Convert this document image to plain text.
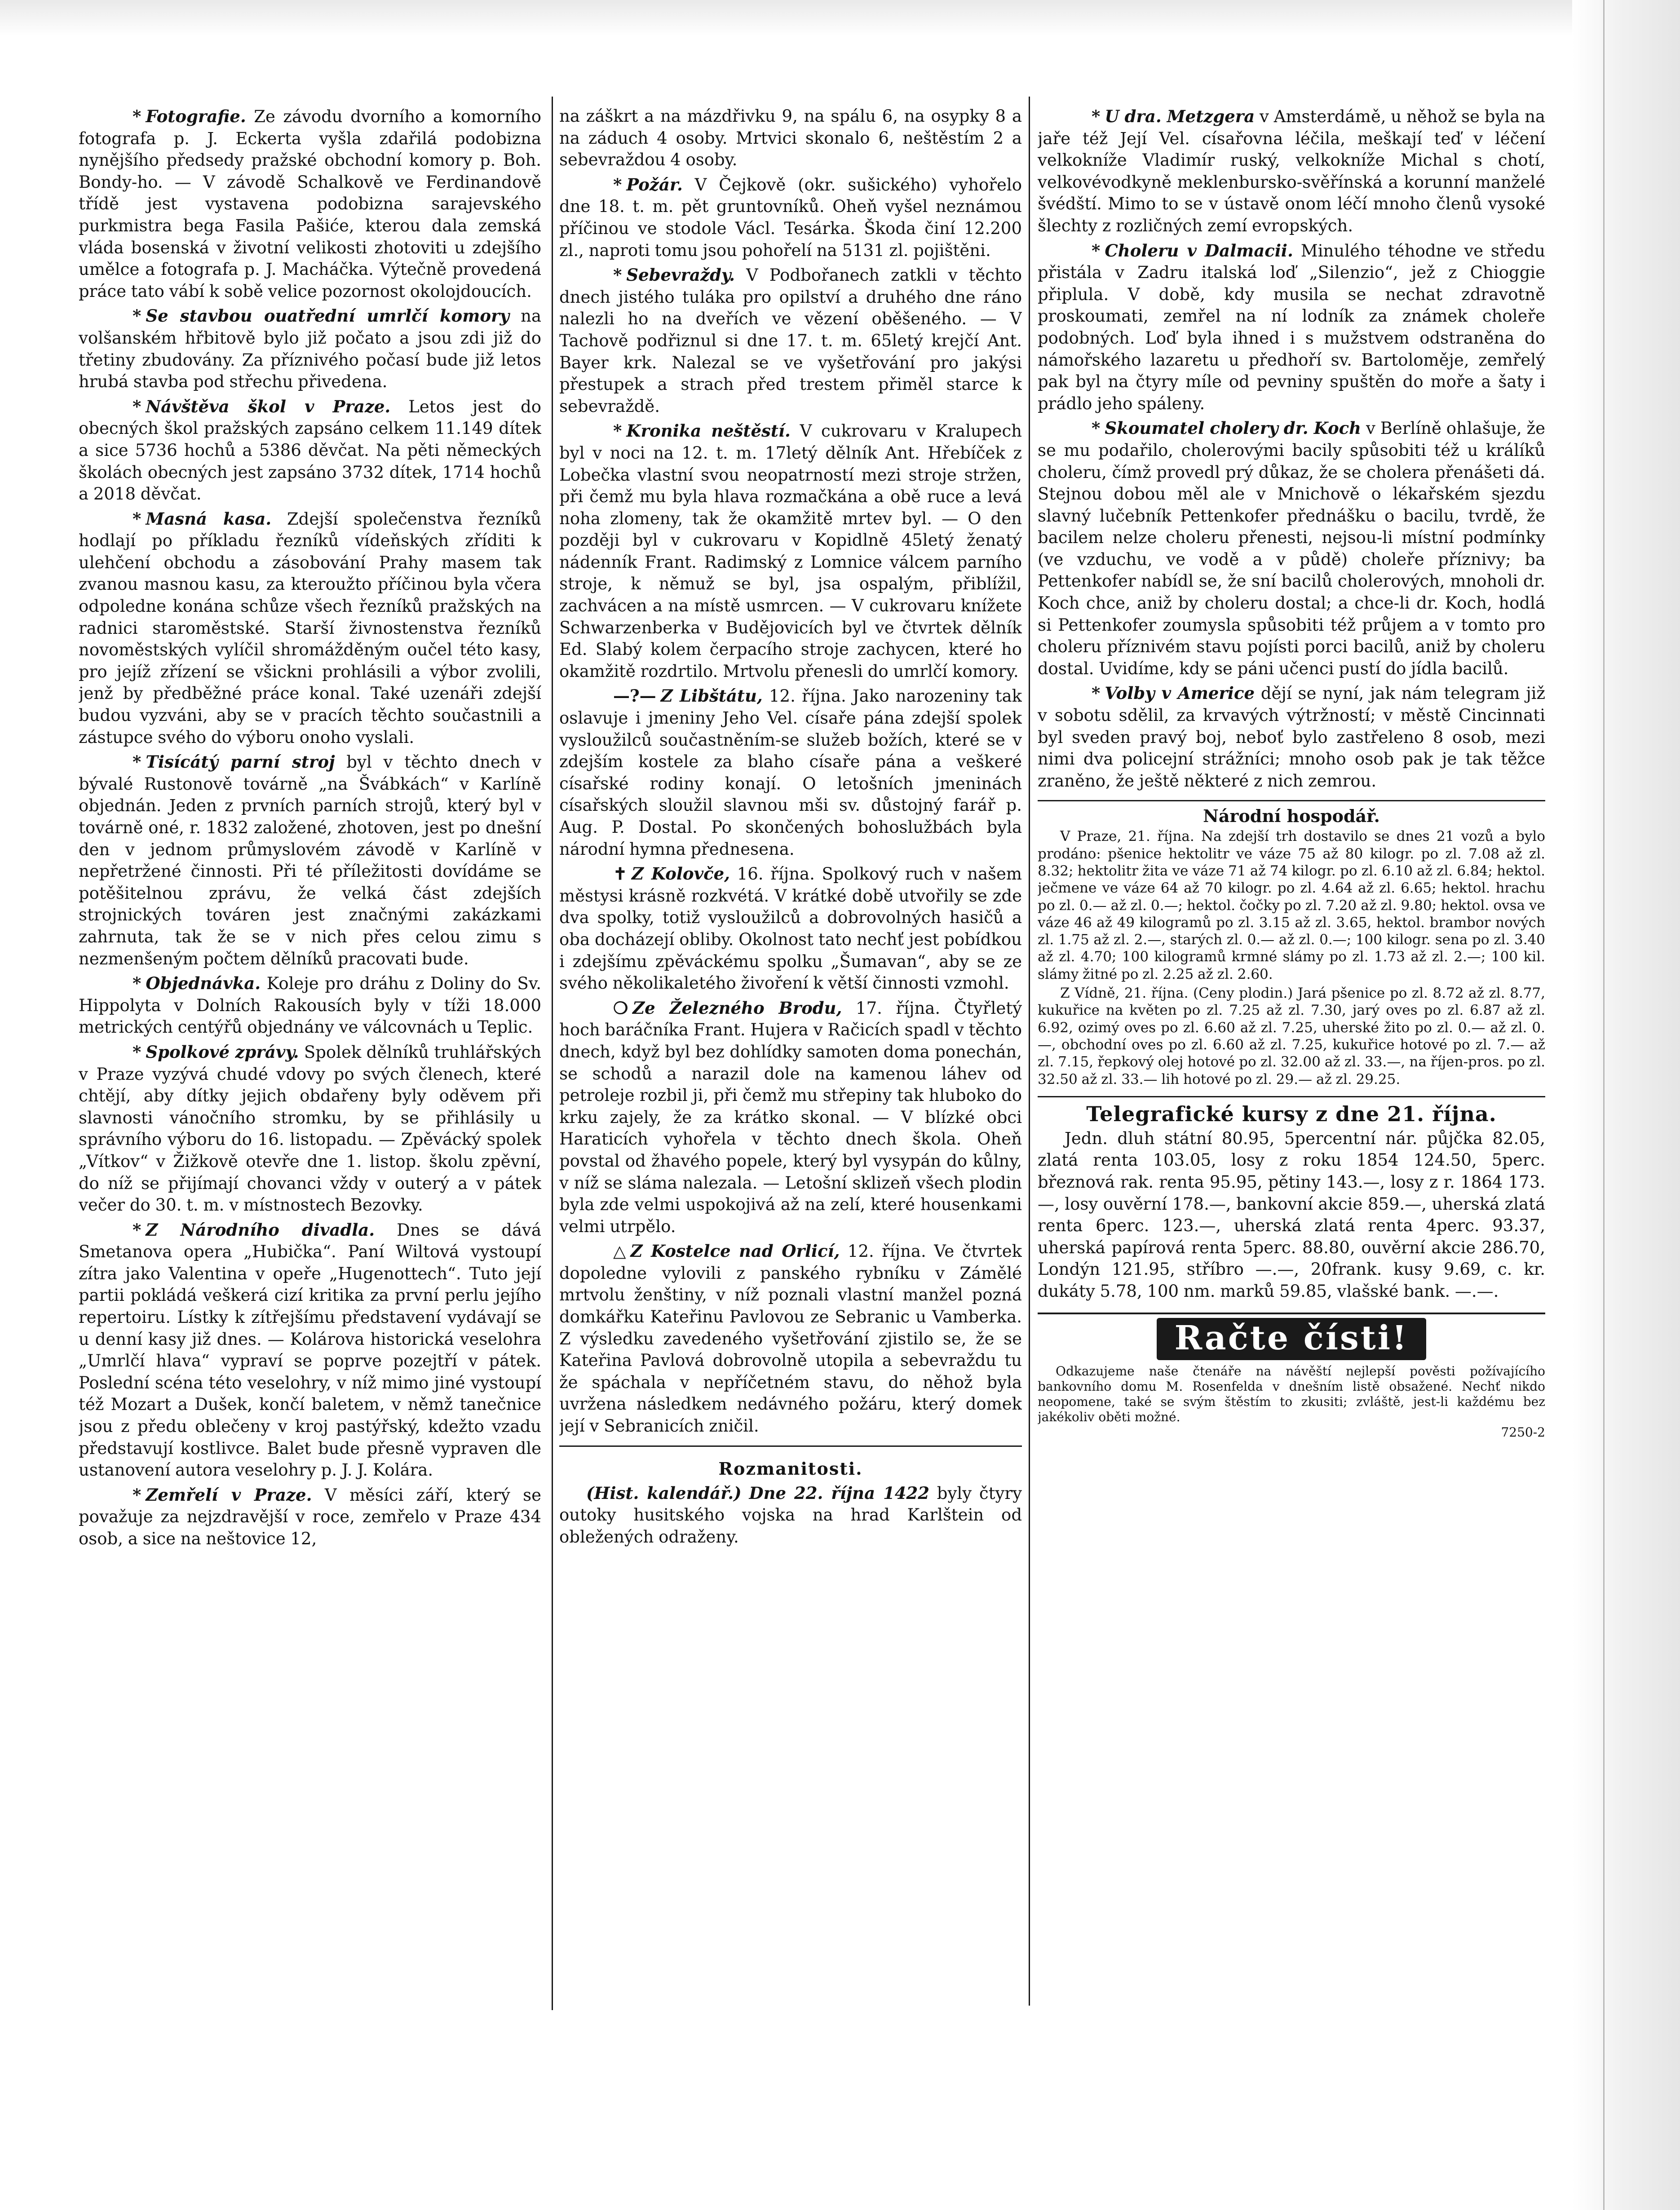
* Fotografie. Ze závodu dvorního a komorního fotografa p. J. Eckerta vyšla zdařilá podobizna nynějšího předsedy pražské obchodní komory p. Boh. Bondy-ho. — V závodě Schalkově ve Ferdinandově třídě jest vystavena podobizna sarajevského purkmistra bega Fasila Pašiće, kterou dala zemská vláda bosenská v životní velikosti zhotoviti u zdejšího umělce a fotografa p. J. Macháčka. Výtečně provedená práce tato vábí k sobě velice pozornost okolojdoucích.

* Se stavbou ouatřední umrlčí komory na volšanském hřbitově bylo již počato a jsou zdi již do třetiny zbudovány. Za příznivého počasí bude již letos hrubá stavba pod střechu přivedena.

* Návštěva škol v Praze. Letos jest do obecných škol pražských zapsáno celkem 11.149 dítek a sice 5736 hochů a 5386 děvčat. Na pěti německých školách obecných jest zapsáno 3732 dítek, 1714 hochů a 2018 děvčat.

* Masná kasa. Zdejší společenstva řezníků hodlají po příkladu řezníků vídeňských zříditi k ulehčení obchodu a zásobování Prahy masem tak zvanou masnou kasu, za kteroužto příčinou byla včera odpoledne konána schůze všech řezníků pražských na radnici staroměstské. Starší živnostenstva řezníků novoměstských vylíčil shromážděným oučel této kasy, pro jejíž zřízení se všickni prohlásili a výbor zvolili, jenž by předběžné práce konal. Také uzenáři zdejší budou vyzváni, aby se v pracích těchto součastnili a zástupce svého do výboru onoho vyslali.

* Tisícátý parní stroj byl v těchto dnech v bývalé Rustonově továrně „na Švábkách“ v Karlíně objednán. Jeden z prvních parních strojů, který byl v továrně oné, r. 1832 založené, zhotoven, jest po dnešní den v jednom průmyslovém závodě v Karlíně v nepřetržené činnosti. Při té příležitosti dovídáme se potěšitelnou zprávu, že velká část zdejších strojnických továren jest značnými zakázkami zahrnuta, tak že se v nich přes celou zimu s nezmenšeným počtem dělníků pracovati bude.

* Objednávka. Koleje pro dráhu z Doliny do Sv. Hippolyta v Dolních Rakousích byly v tíži 18.000 metrických centýřů objednány ve válcovnách u Teplic.

* Spolkové zprávy. Spolek dělníků truhlářských v Praze vyzývá chudé vdovy po svých členech, které chtějí, aby dítky jejich obdařeny byly oděvem při slavnosti vánočního stromku, by se přihlásily u správního výboru do 16. listopadu. — Zpěvácký spolek „Vítkov“ v Žižkově otevře dne 1. listop. školu zpěvní, do níž se přijímají chovanci vždy v outerý a v pátek večer do 30. t. m. v místnostech Bezovky.

* Z Národního divadla. Dnes se dává Smetanova opera „Hubička“. Paní Wiltová vystoupí zítra jako Valentina v opeře „Hugenottech“. Tuto její partii pokládá veškerá cizí kritika za první perlu jejího repertoiru. Lístky k zítřejšímu představení vydávají se u denní kasy již dnes. — Kolárova historická veselohra „Umrlčí hlava“ vypraví se poprve pozejtří v pátek. Poslední scéna této veselohry, v níž mimo jiné vystoupí též Mozart a Dušek, končí baletem, v němž tanečnice jsou z předu oblečeny v kroj pastýřský, kdežto vzadu představují kostlivce. Balet bude přesně vypraven dle ustanovení autora veselohry p. J. J. Kolára.

* Zemřelí v Praze. V měsíci září, který se považuje za nejzdravější v roce, zemřelo v Praze 434 osob, a sice na neštovice 12,

na záškrt a na mázdřivku 9, na spálu 6, na osypky 8 a na záduch 4 osoby. Mrtvici skonalo 6, neštěstím 2 a sebevraždou 4 osoby.

* Požár. V Čejkově (okr. sušického) vyhořelo dne 18. t. m. pět gruntovníků. Oheň vyšel neznámou příčinou ve stodole Václ. Tesárka. Škoda činí 12.200 zl., naproti tomu jsou pohořelí na 5131 zl. pojištěni.

* Sebevraždy. V Podbořanech zatkli v těchto dnech jistého tuláka pro opilství a druhého dne ráno nalezli ho na dveřích ve vězení oběšeného. — V Tachově podřiznul si dne 17. t. m. 65letý krejčí Ant. Bayer krk. Nalezal se ve vyšetřování pro jakýsi přestupek a strach před trestem přiměl starce k sebevraždě.

* Kronika neštěstí. V cukrovaru v Kralupech byl v noci na 12. t. m. 17letý dělník Ant. Hřebíček z Lobečka vlastní svou neopatrností mezi stroje stržen, při čemž mu byla hlava rozmačkána a obě ruce a levá noha zlomeny, tak že okamžitě mrtev byl. — O den později byl v cukrovaru v Kopidlně 45letý ženatý nádenník Frant. Radimský z Lomnice válcem parního stroje, k němuž se byl, jsa ospalým, přiblížil, zachvácen a na místě usmrcen. — V cukrovaru knížete Schwarzenberka v Budějovicích byl ve čtvrtek dělník Ed. Slabý kolem čerpacího stroje zachycen, které ho okamžitě rozdrtilo. Mrtvolu přenesli do umrlčí komory.

—?— Z Libštátu, 12. října. Jako narozeniny tak oslavuje i jmeniny Jeho Vel. císaře pána zdejší spolek vysloužilců součastněním-se služeb božích, které se v zdejším kostele za blaho císaře pána a veškeré císařské rodiny konají. O letošních jmeninách císařských sloužil slavnou mši sv. důstojný farář p. Aug. P. Dostal. Po skončených bohoslužbách byla národní hymna přednesena.

✝ Z Kolovče, 16. října. Spolkový ruch v našem městysi krásně rozkvétá. V krátké době utvořily se zde dva spolky, totiž vysloužilců a dobrovolných hasičů a oba docházejí obliby. Okolnost tato nechť jest pobídkou i zdejšímu zpěváckému spolku „Šumavan“, aby se ze svého několikaletého živoření k větší činnosti vzmohl.

❍ Ze Železného Brodu, 17. října. Čtyřletý hoch baráčníka Frant. Hujera v Račicích spadl v těchto dnech, když byl bez dohlídky samoten doma ponechán, se schodů a narazil dole na kamenou láhev od petroleje rozbil ji, při čemž mu střepiny tak hluboko do krku zajely, že za krátko skonal. — V blízké obci Haraticích vyhořela v těchto dnech škola. Oheň povstal od žhavého popele, který byl vysypán do kůlny, v níž se sláma nalezala. — Letošní sklizeň všech plodin byla zde velmi uspokojivá až na zelí, které housenkami velmi utrpělo.

△ Z Kostelce nad Orlicí, 12. října. Ve čtvrtek dopoledne vylovili z panského rybníku v Zámělé mrtvolu ženštiny, v níž poznali vlastní manžel pozná domkářku Kateřinu Pavlovou ze Sebranic u Vamberka. Z výsledku zavedeného vyšetřování zjistilo se, že se Kateřina Pavlová dobrovolně utopila a sebevraždu tu že spáchala v nepříčetném stavu, do něhož byla uvržena následkem nedávného požáru, který domek její v Sebranicích zničil.

Rozmanitosti.

(Hist. kalendář.) Dne 22. října 1422 byly čtyry outoky husitského vojska na hrad Karlštein od obležených odraženy.

* U dra. Metzgera v Amsterdámě, u něhož se byla na jaře též Její Vel. císařovna léčila, meškají teď v léčení velkokníže Vladimír ruský, velkokníže Michal s chotí, velkovévodkyně meklenbursko-svěřínská a korunní manželé švédští. Mimo to se v ústavě onom léčí mnoho členů vysoké šlechty z rozličných zemí evropských.

* Choleru v Dalmacii. Minulého téhodne ve středu přistála v Zadru italská loď „Silenzio“, jež z Chioggie připlula. V době, kdy musila se nechat zdravotně proskoumati, zemřel na ní lodník za známek choleře podobných. Loď byla ihned i s mužstvem odstraněna do námořského lazaretu u předhoří sv. Bartoloměje, zemřelý pak byl na čtyry míle od pevniny spuštěn do moře a šaty i prádlo jeho spáleny.

* Skoumatel cholery dr. Koch v Berlíně ohlašuje, že se mu podařilo, cholerovými bacily spůsobiti též u králíků choleru, čímž provedl prý důkaz, že se cholera přenášeti dá. Stejnou dobou měl ale v Mnichově o lékařském sjezdu slavný lučebník Pettenkofer přednášku o bacilu, tvrdě, že bacilem nelze choleru přenesti, nejsou-li místní podmínky (ve vzduchu, ve vodě a v půdě) choleře příznivy; ba Pettenkofer nabídl se, že sní bacilů cholerových, mnoholi dr. Koch chce, aniž by choleru dostal; a chce-li dr. Koch, hodlá si Pettenkofer zoumysla spůsobiti též průjem a v tomto pro choleru příznivém stavu pojísti porci bacilů, aniž by choleru dostal. Uvidíme, kdy se páni učenci pustí do jídla bacilů.

* Volby v Americe dějí se nyní, jak nám telegram již v sobotu sdělil, za krvavých výtržností; v městě Cincinnati byl sveden pravý boj, neboť bylo zastřeleno 8 osob, mezi nimi dva policejní strážníci; mnoho osob pak je tak těžce zraněno, že ještě některé z nich zemrou.

Národní hospodář.

V Praze, 21. října. Na zdejší trh dostavilo se dnes 21 vozů a bylo prodáno: pšenice hektolitr ve váze 75 až 80 kilogr. po zl. 7.08 až zl. 8.32; hektolitr žita ve váze 71 až 74 kilogr. po zl. 6.10 až zl. 6.84; hektol. ječmene ve váze 64 až 70 kilogr. po zl. 4.64 až zl. 6.65; hektol. hrachu po zl. 0.— až zl. 0.—; hektol. čočky po zl. 7.20 až zl. 9.80; hektol. ovsa ve váze 46 až 49 kilogramů po zl. 3.15 až zl. 3.65, hektol. brambor nových zl. 1.75 až zl. 2.—, starých zl. 0.— až zl. 0.—; 100 kilogr. sena po zl. 3.40 až zl. 4.70; 100 kilogramů krmné slámy po zl. 1.73 až zl. 2.—; 100 kil. slámy žitné po zl. 2.25 až zl. 2.60.

Z Vídně, 21. října. (Ceny plodin.) Jará pšenice po zl. 8.72 až zl. 8.77, kukuřice na květen po zl. 7.25 až zl. 7.30, jarý oves po zl. 6.87 až zl. 6.92, ozimý oves po zl. 6.60 až zl. 7.25, uherské žito po zl. 0.— až zl. 0.—, obchodní oves po zl. 6.60 až zl. 7.25, kukuřice hotové po zl. 7.— až zl. 7.15, řepkový olej hotové po zl. 32.00 až zl. 33.—, na říjen-pros. po zl. 32.50 až zl. 33.— lih hotové po zl. 29.— až zl. 29.25.

Telegrafické kursy z dne 21. října.

Jedn. dluh státní 80.95, 5percentní nár. půjčka 82.05, zlatá renta 103.05, losy z roku 1854 124.50, 5perc. březnová rak. renta 95.95, pětiny 143.—, losy z r. 1864 173.—, losy ouvěrní 178.—, bankovní akcie 859.—, uherská zlatá renta 6perc. 123.—, uherská zlatá renta 4perc. 93.37, uherská papírová renta 5perc. 88.80, ouvěrní akcie 286.70, Londýn 121.95, stříbro —.—, 20frank. kusy 9.69, c. kr. dukáty 5.78, 100 nm. marků 59.85, vlašské bank. —.—.

Račte čísti!

Odkazujeme naše čtenáře na návěští nejlepší pověsti požívajícího bankovního domu M. Rosenfelda v dnešním listě obsažené. Nechť nikdo neopomene, také se svým štěstím to zkusiti; zvláště, jest-li každému bez jakékoliv oběti možné.

7250-2
